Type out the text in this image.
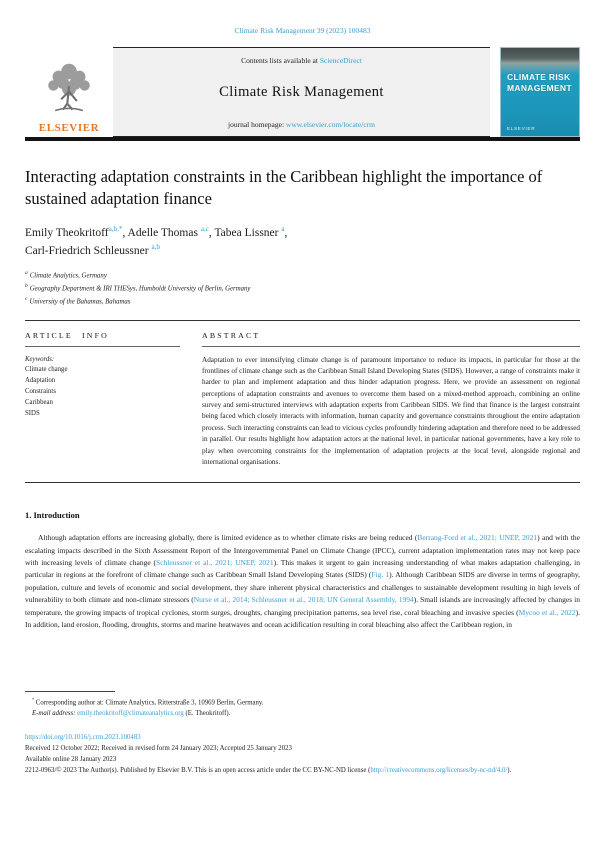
Climate Risk Management 39 (2023) 100483
ELSEVIER
Contents lists available at ScienceDirect
Climate Risk Management
journal homepage: www.elsevier.com/locate/crm
CLIMATE RISK
MANAGEMENT
ELSEVIER
Interacting adaptation constraints in the Caribbean highlight the importance of sustained adaptation finance
Emily Theokritoff$^{a,b,*}$, Adelle Thomas $^{a,c}$, Tabea Lissner $^a$,
Carl-Friedrich Schleussner $^{a,b}$
$^a$ Climate Analytics, Germany
$^b$ Geography Department & IRI THESys, Humboldt University of Berlin, Germany
$^c$ University of the Bahamas, Bahamas
ARTICLE INFO
Keywords:
Climate change
Adaptation
Constraints
Caribbean
SIDS
ABSTRACT
Adaptation to ever intensifying climate change is of paramount importance to reduce its impacts, in particular for those at the frontlines of climate change such as the Caribbean Small Island Developing States (SIDS). However, a range of constraints make it harder to plan and implement adaptation and thus hinder adaptation progress. Here, we provide an assessment on regional perceptions of adaptation constraints and avenues to overcome them based on a mixed-method approach, combining an online survey and semi-structured interviews with adaptation experts from Caribbean SIDS. We find that finance is the largest constraint being faced which closely interacts with information, human capacity and governance constraints throughout the entire adaptation process. Such interacting constraints can lead to vicious cycles profoundly hindering adaptation and therefore need to be addressed in parallel. Our results highlight how adaptation actors at the national level, in particular national governments, have a key role to play when overcoming constraints for the implementation of adaptation projects at the local level, alongside regional and international organisations.
1. Introduction
Although adaptation efforts are increasing globally, there is limited evidence as to whether climate risks are being reduced (Berrang-Ford et al., 2021; UNEP, 2021) and with the escalating impacts described in the Sixth Assessment Report of the Intergovernmental Panel on Climate Change (IPCC), current adaptation implementation rates may not keep pace with increasing levels of climate change (Schleussner et al., 2021; UNEP, 2021). This makes it urgent to gain increasing understanding of what makes adaptation challenging, in particular in regions at the forefront of climate change such as Caribbean Small Island Developing States (SIDS) (Fig. 1). Although Caribbean SIDS are diverse in terms of geography, population, culture and levels of economic and social development, they share inherent physical characteristics and challenges to sustainable development resulting in high levels of vulnerability to both climate and non-climate stressors (Nurse et al., 2014; Schleussner et al., 2018; UN General Assembly, 1994). Small islands are increasingly affected by changes in temperature, the growing impacts of tropical cyclones, storm surges, droughts, changing precipitation patterns, sea level rise, coral bleaching and invasive species (Mycoo et al., 2022). In addition, land erosion, flooding, droughts, storms and marine heatwaves and ocean acidification resulting in coral bleaching also affect the Caribbean region, in
* Corresponding author at: Climate Analytics, Ritterstraße 3, 10969 Berlin, Germany.
E-mail address: emily.theokritoff@climateanalytics.org (E. Theokritoff).
https://doi.org/10.1016/j.crm.2023.100483
Received 12 October 2022; Received in revised form 24 January 2023; Accepted 25 January 2023
Available online 28 January 2023
2212-0963/© 2023 The Author(s). Published by Elsevier B.V. This is an open access article under the CC BY-NC-ND license (http://creativecommons.org/licenses/by-nc-nd/4.0/).
